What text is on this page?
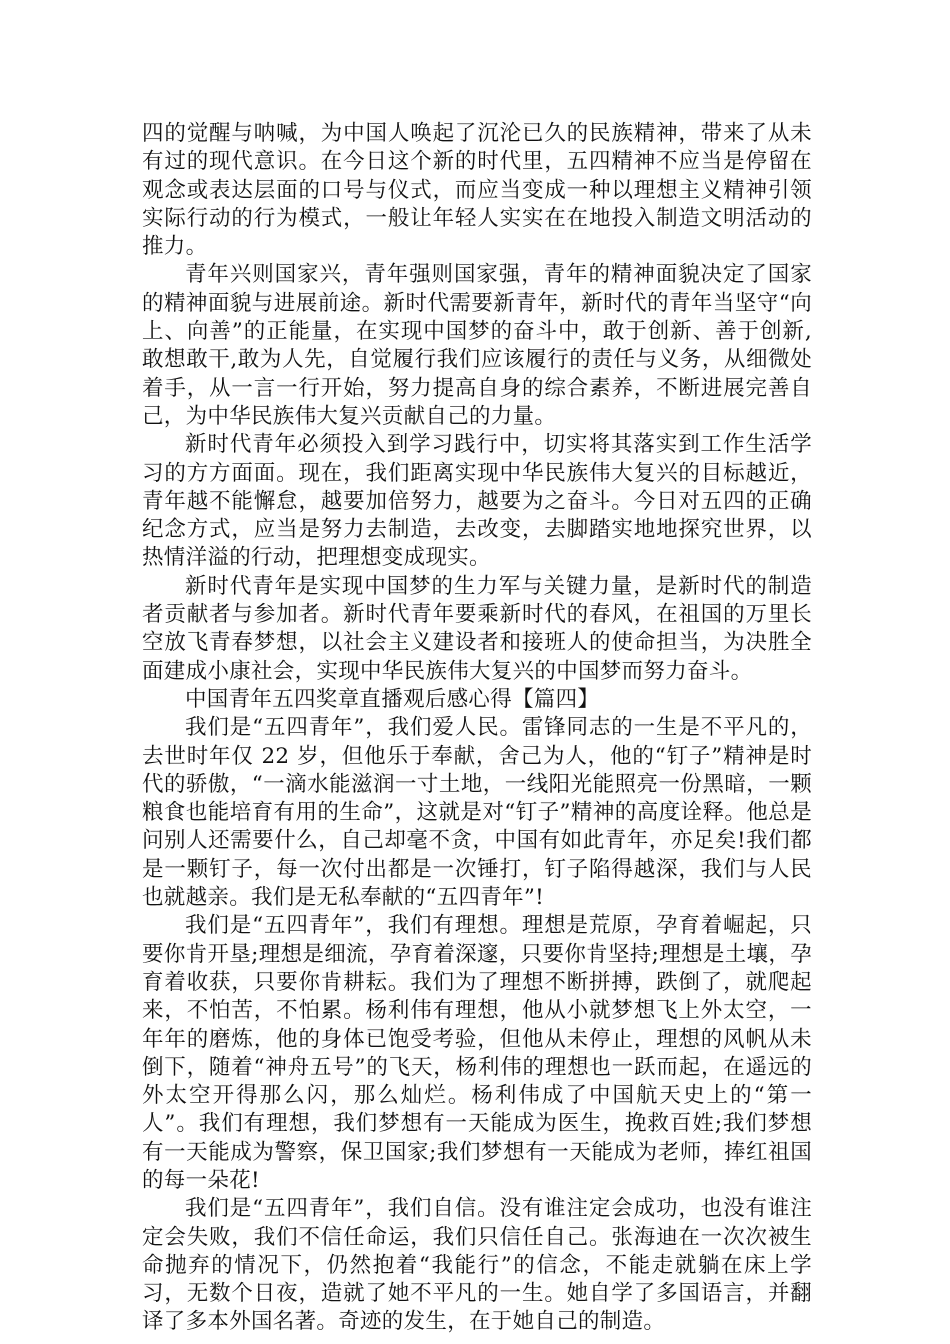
四的觉醒与呐喊，为中国人唤起了沉沦已久的民族精神，带来了从未有过的现代意识。在今日这个新的时代里，五四精神不应当是停留在观念或表达层面的口号与仪式，而应当变成一种以理想主义精神引领实际行动的行为模式，一般让年轻人实实在在地投入制造文明活动的推力。

青年兴则国家兴，青年强则国家强，青年的精神面貌决定了国家的精神面貌与进展前途。新时代需要新青年，新时代的青年当坚守“向上、向善”的正能量，在实现中国梦的奋斗中，敢于创新、善于创新,敢想敢干,敢为人先，自觉履行我们应该履行的责任与义务，从细微处着手，从一言一行开始，努力提高自身的综合素养，不断进展完善自己，为中华民族伟大复兴贡献自己的力量。

新时代青年必须投入到学习践行中，切实将其落实到工作生活学习的方方面面。现在，我们距离实现中华民族伟大复兴的目标越近，青年越不能懈怠，越要加倍努力，越要为之奋斗。今日对五四的正确纪念方式，应当是努力去制造，去改变，去脚踏实地地探究世界，以热情洋溢的行动，把理想变成现实。

新时代青年是实现中国梦的生力军与关键力量，是新时代的制造者贡献者与参加者。新时代青年要乘新时代的春风，在祖国的万里长空放飞青春梦想，以社会主义建设者和接班人的使命担当，为决胜全面建成小康社会，实现中华民族伟大复兴的中国梦而努力奋斗。

中国青年五四奖章直播观后感心得【篇四】

我们是“五四青年”，我们爱人民。雷锋同志的一生是不平凡的，去世时年仅 22 岁，但他乐于奉献，舍己为人，他的“钉子”精神是时代的骄傲，“一滴水能滋润一寸土地，一线阳光能照亮一份黑暗，一颗粮食也能培育有用的生命”，这就是对“钉子”精神的高度诠释。他总是问别人还需要什么，自己却毫不贪，中国有如此青年，亦足矣!我们都是一颗钉子，每一次付出都是一次锤打，钉子陷得越深，我们与人民也就越亲。我们是无私奉献的“五四青年”!

我们是“五四青年”，我们有理想。理想是荒原，孕育着崛起，只要你肯开垦;理想是细流，孕育着深邃，只要你肯坚持;理想是土壤，孕育着收获，只要你肯耕耘。我们为了理想不断拼搏，跌倒了，就爬起来，不怕苦，不怕累。杨利伟有理想，他从小就梦想飞上外太空，一年年的磨炼，他的身体已饱受考验，但他从未停止，理想的风帆从未倒下，随着“神舟五号”的飞天，杨利伟的理想也一跃而起，在遥远的外太空开得那么闪，那么灿烂。杨利伟成了中国航天史上的“第一人”。我们有理想，我们梦想有一天能成为医生，挽救百姓;我们梦想有一天能成为警察，保卫国家;我们梦想有一天能成为老师，捧红祖国的每一朵花!

我们是“五四青年”，我们自信。没有谁注定会成功，也没有谁注定会失败，我们不信任命运，我们只信任自己。张海迪在一次次被生命抛弃的情况下，仍然抱着“我能行”的信念，不能走就躺在床上学习，无数个日夜，造就了她不平凡的一生。她自学了多国语言，并翻译了多本外国名著。奇迹的发生，在于她自己的制造。
